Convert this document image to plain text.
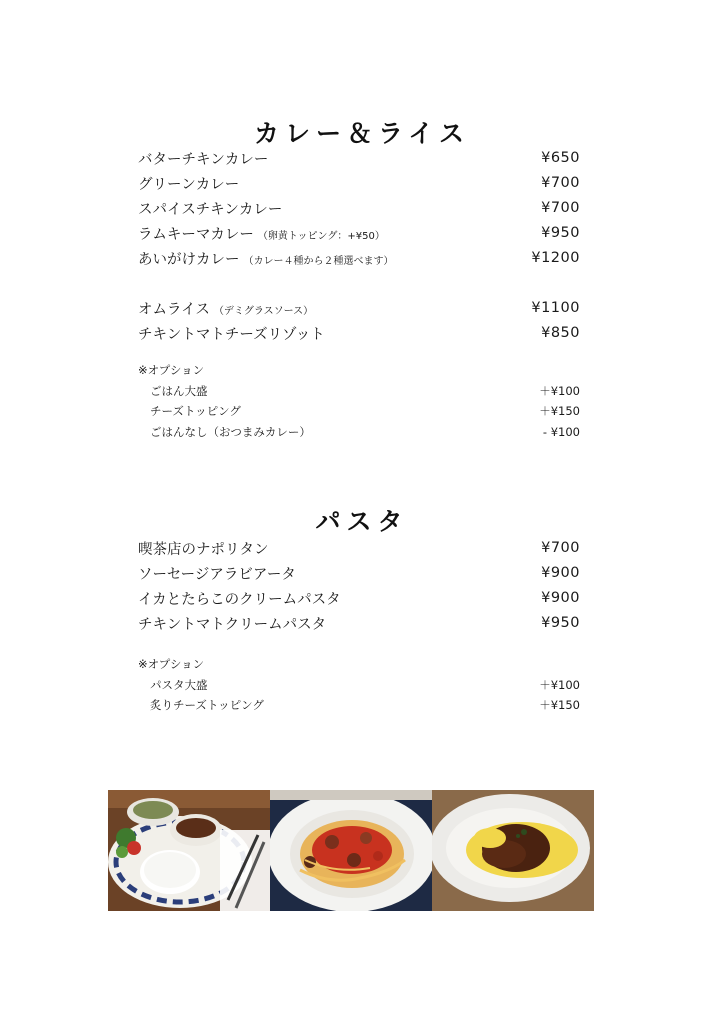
カレー＆ライス
バターチキンカレー	¥650
グリーンカレー	¥700
スパイスチキンカレー	¥700
ラムキーマカレー （卵黄トッピング：+¥50）	¥950
あいがけカレー （カレー４種から２種選べます）	¥1200
オムライス （デミグラスソース）	¥1100
チキントマトチーズリゾット	¥850
※オプション
ごはん大盛	＋¥100
チーズトッピング	＋¥150
ごはんなし（おつまみカレー）	- ¥100
パスタ
喫茶店のナポリタン	¥700
ソーセージアラビアータ	¥900
イカとたらこのクリームパスタ	¥900
チキントマトクリームパスタ	¥950
※オプション
パスタ大盛	＋¥100
炙りチーズトッピング	＋¥150
